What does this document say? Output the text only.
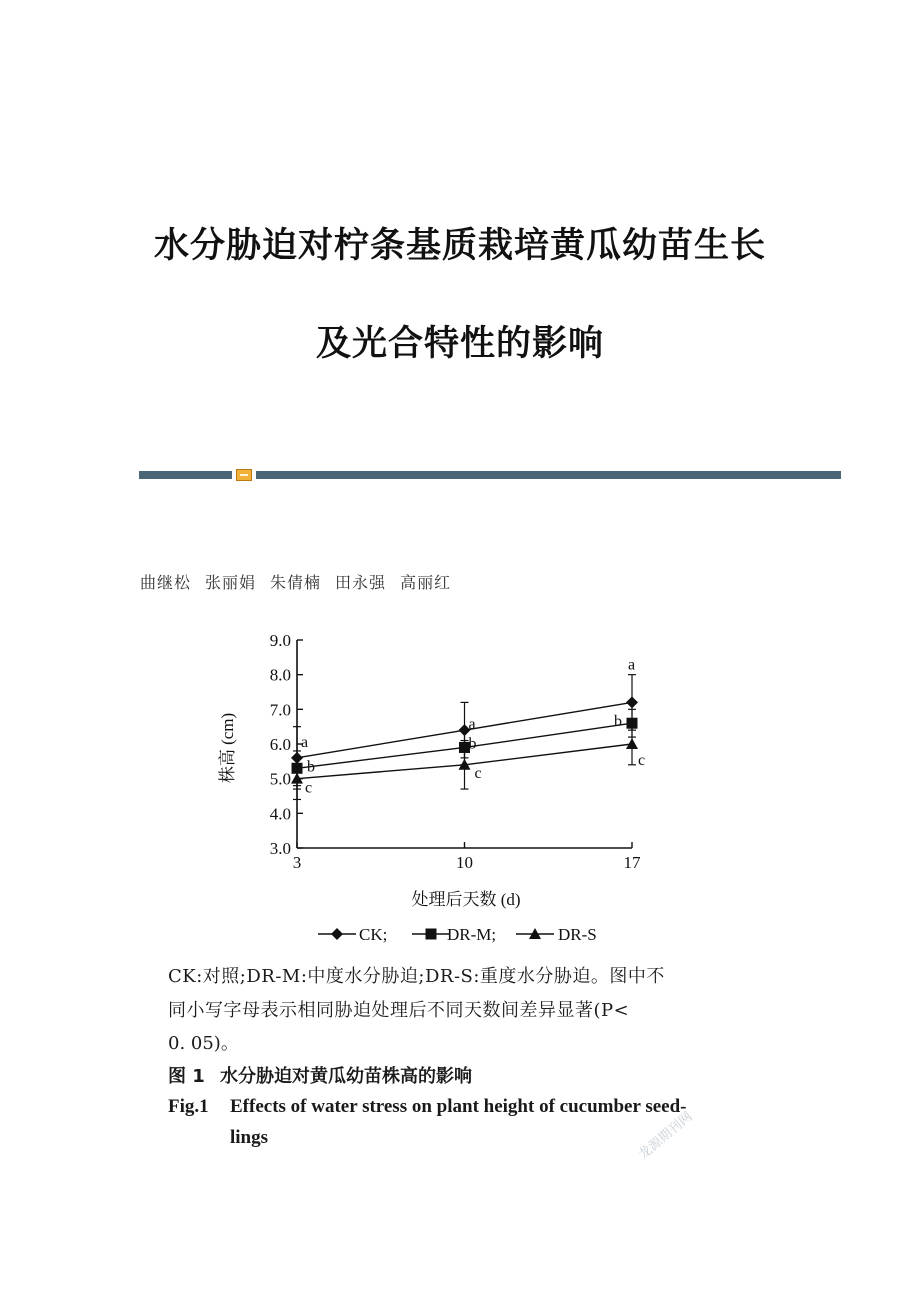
水分胁迫对柠条基质栽培黄瓜幼苗生长
及光合特性的影响
曲继松 张丽娟 朱倩楠 田永强 高丽红
3.0
4.0
5.0
6.0
7.0
8.0
9.0
3	10	17
处理后天数 (d)
株高 (cm)	a
a
a
b
b
b
c
c
c
CK;	DR-M;	DR-S
CK:对照;DR-M:中度水分胁迫;DR-S:重度水分胁迫。图中不
同小写字母表示相同胁迫处理后不同天数间差异显著(P<
0. 05)。
图 1 水分胁迫对黄瓜幼苗株高的影响
Fig.1 Effects of water stress on plant height of cucumber seed-
lings	龙源期刊网
